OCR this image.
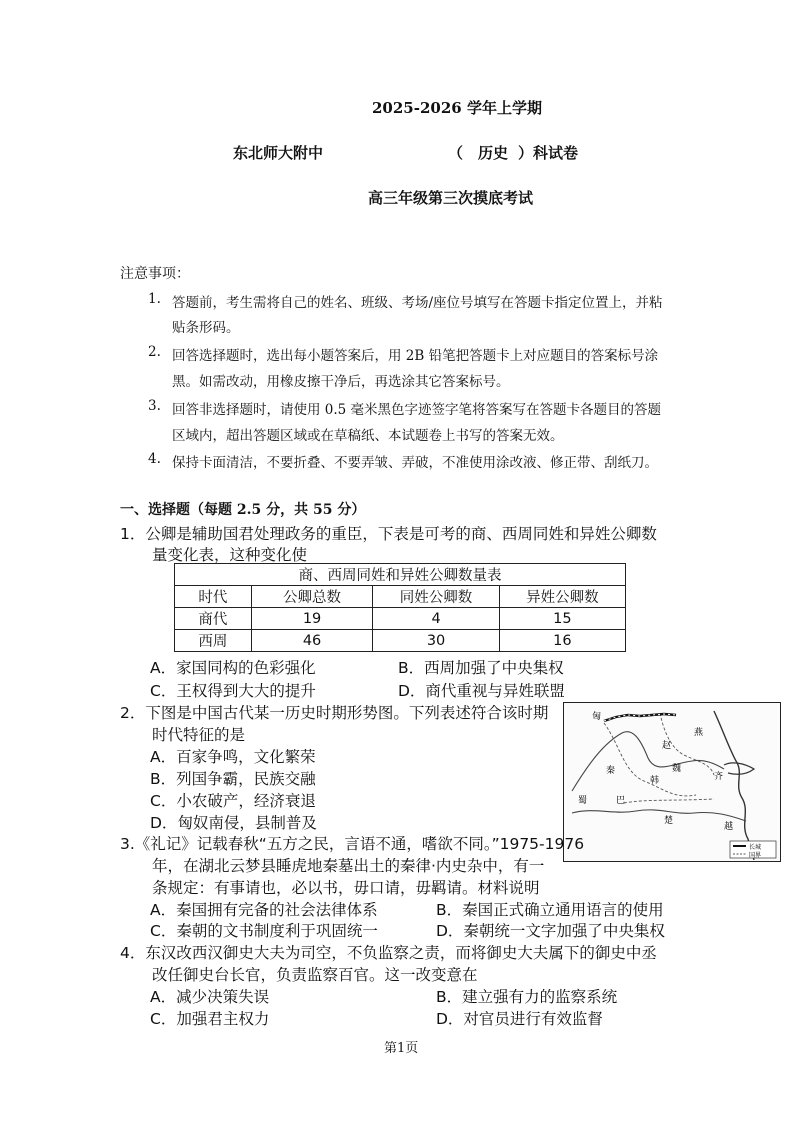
2025-2026 学年上学期
东北师大附中	（ 历史 ）科试卷
高三年级第三次摸底考试
注意事项：
1. 答题前，考生需将自己的姓名、班级、考场/座位号填写在答题卡指定位置上，并粘
贴条形码。
2. 回答选择题时，选出每小题答案后，用 2B 铅笔把答题卡上对应题目的答案标号涂
黑。如需改动，用橡皮擦干净后，再选涂其它答案标号。
3. 回答非选择题时，请使用 0.5 毫米黑色字迹签字笔将答案写在答题卡各题目的答题
区域内，超出答题区域或在草稿纸、本试题卷上书写的答案无效。
4. 保持卡面清洁，不要折叠、不要弄皱、弄破，不准使用涂改液、修正带、刮纸刀。
一、选择题（每题 2.5 分，共 55 分）
1．公卿是辅助国君处理政务的重臣，下表是可考的商、西周同姓和异姓公卿数
量变化表，这种变化使
商、西周同姓和异姓公卿数量表			
时代	公卿总数	同姓公卿数	异姓公卿数
商代	19	4	15
西周	46	30	16
A．家国同构的色彩强化	B．西周加强了中央集权
C．王权得到大大的提升	D．商代重视与异姓联盟
2．下图是中国古代某一历史时期形势图。下列表述符合该时期
时代特征的是
A．百家争鸣，文化繁荣
B．列国争霸，民族交融
C．小农破产，经济衰退
D．匈奴南侵，县制普及
匈
赵
燕
秦
齐
魏
韩
楚
蜀	巴
越
长城
国界
3.《礼记》记载春秋“五方之民，言语不通，嗜欲不同。”1975-1976
年，在湖北云梦县睡虎地秦墓出土的秦律·内史杂中，有一
条规定：有事请也，必以书，毋口请，毋羁请。材料说明
A．秦国拥有完备的社会法律体系	B．秦国正式确立通用语言的使用
C．秦朝的文书制度利于巩固统一	D．秦朝统一文字加强了中央集权
4．东汉改西汉御史大夫为司空，不负监察之责，而将御史大夫属下的御史中丞
改任御史台长官，负责监察百官。这一改变意在
A．减少决策失误	B．建立强有力的监察系统
C．加强君主权力	D．对官员进行有效监督
第1页
